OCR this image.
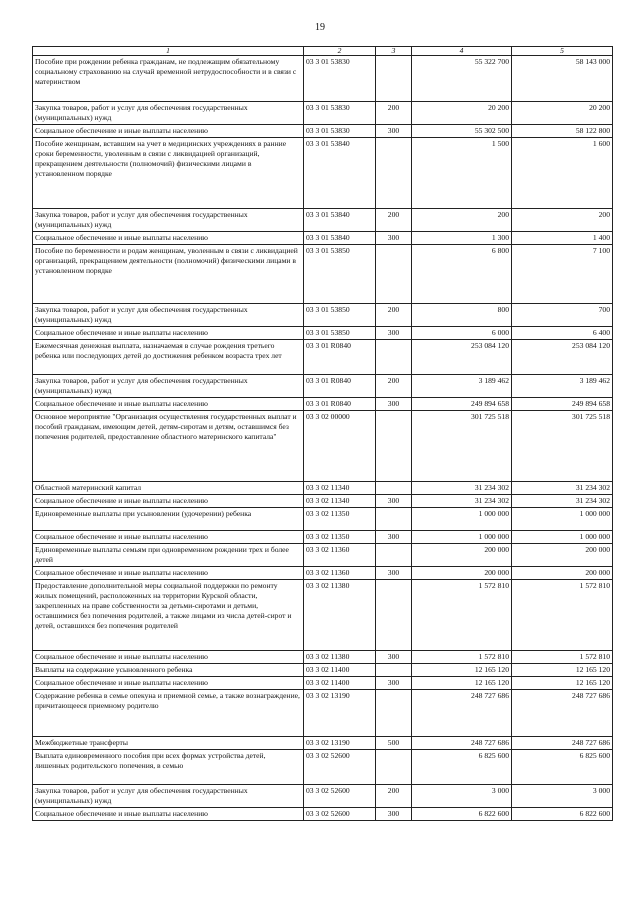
19
1	2	3	4	5
Пособие при рождении ребенка гражданам, не подлежащим обязательному социальному страхованию на случай временной нетрудоспособности и в связи с материнством	03 3 01 53830		55 322 700	58 143 000
Закупка товаров, работ и услуг для обеспечения государственных (муниципальных) нужд	03 3 01 53830	200	20 200	20 200
Социальное обеспечение и иные выплаты населению	03 3 01 53830	300	55 302 500	58 122 800
Пособие женщинам, вставшим на учет в медицинских учреждениях в ранние сроки беременности, уволенным в связи с ликвидацией организаций, прекращением деятельности (полномочий) физическими лицами в установленном порядке	03 3 01 53840		1 500	1 600
Закупка товаров, работ и услуг для обеспечения государственных (муниципальных) нужд	03 3 01 53840	200	200	200
Социальное обеспечение и иные выплаты населению	03 3 01 53840	300	1 300	1 400
Пособие по беременности и родам женщинам, уволенным в связи с ликвидацией организаций, прекращением деятельности (полномочий) физическими лицами в установленном порядке	03 3 01 53850		6 800	7 100
Закупка товаров, работ и услуг для обеспечения государственных (муниципальных) нужд	03 3 01 53850	200	800	700
Социальное обеспечение и иные выплаты населению	03 3 01 53850	300	6 000	6 400
Ежемесячная денежная выплата, назначаемая в случае рождения третьего ребенка или последующих детей до достижения ребенком возраста трех лет	03 3 01 R0840		253 084 120	253 084 120
Закупка товаров, работ и услуг для обеспечения государственных (муниципальных) нужд	03 3 01 R0840	200	3 189 462	3 189 462
Социальное обеспечение и иные выплаты населению	03 3 01 R0840	300	249 894 658	249 894 658
Основное мероприятие "Организация осуществления государственных выплат и пособий гражданам, имеющим детей, детям-сиротам и детям, оставшимся без попечения родителей, предоставление областного материнского капитала"	03 3 02 00000		301 725 518	301 725 518
Областной материнский капитал	03 3 02 11340		31 234 302	31 234 302
Социальное обеспечение и иные выплаты населению	03 3 02 11340	300	31 234 302	31 234 302
Единовременные выплаты при усыновлении (удочерении) ребенка	03 3 02 11350		1 000 000	1 000 000
Социальное обеспечение и иные выплаты населению	03 3 02 11350	300	1 000 000	1 000 000
Единовременные выплаты семьям при одновременном рождении трех и более детей	03 3 02 11360		200 000	200 000
Социальное обеспечение и иные выплаты населению	03 3 02 11360	300	200 000	200 000
Предоставление дополнительной меры социальной поддержки по ремонту жилых помещений, расположенных на территории Курской области, закрепленных на праве собственности за детьми-сиротами и детьми, оставшимися без попечения родителей, а также лицами из числа детей-сирот и детей, оставшихся без попечения родителей	03 3 02 11380		1 572 810	1 572 810
Социальное обеспечение и иные выплаты населению	03 3 02 11380	300	1 572 810	1 572 810
Выплаты на содержание усыновленного ребенка	03 3 02 11400		12 165 120	12 165 120
Социальное обеспечение и иные выплаты населению	03 3 02 11400	300	12 165 120	12 165 120
Содержание ребенка в семье опекуна и приемной семье, а также вознаграждение, причитающееся приемному родителю	03 3 02 13190		248 727 686	248 727 686
Межбюджетные трансферты	03 3 02 13190	500	248 727 686	248 727 686
Выплата единовременного пособия при всех формах устройства детей, лишенных родительского попечения, в семью	03 3 02 52600		6 825 600	6 825 600
Закупка товаров, работ и услуг для обеспечения государственных (муниципальных) нужд	03 3 02 52600	200	3 000	3 000
Социальное обеспечение и иные выплаты населению	03 3 02 52600	300	6 822 600	6 822 600
